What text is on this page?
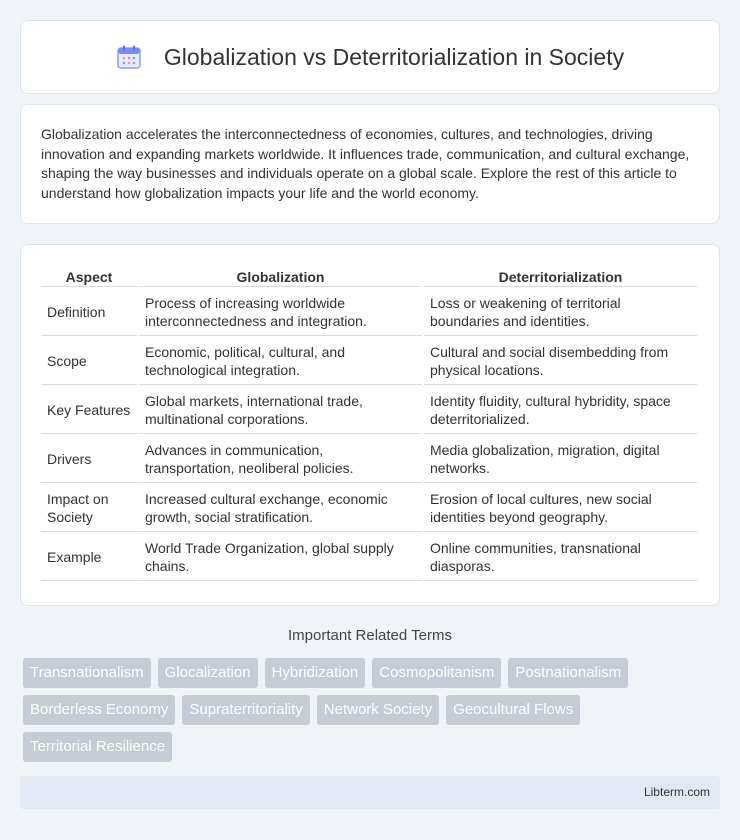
Globalization vs Deterritorialization in Society

Globalization accelerates the interconnectedness of economies, cultures, and technologies, driving innovation and expanding markets worldwide. It influences trade, communication, and cultural exchange, shaping the way businesses and individuals operate on a global scale. Explore the rest of this article to understand how globalization impacts your life and the world economy.

Aspect	Globalization	Deterritorialization
Definition	Process of increasing worldwide interconnectedness and integration.	Loss or weakening of territorial boundaries and identities.
Scope	Economic, political, cultural, and technological integration.	Cultural and social disembedding from physical locations.
Key Features	Global markets, international trade, multinational corporations.	Identity fluidity, cultural hybridity, space deterritorialized.
Drivers	Advances in communication, transportation, neoliberal policies.	Media globalization, migration, digital networks.
Impact on Society	Increased cultural exchange, economic growth, social stratification.	Erosion of local cultures, new social identities beyond geography.
Example	World Trade Organization, global supply chains.	Online communities, transnational diasporas.
Important Related Terms
Transnationalism	Glocalization	Hybridization	Cosmopolitanism	Postnationalism
Borderless Economy	Supraterritoriality	Network Society	Geocultural Flows
Territorial Resilience
Libterm.com
